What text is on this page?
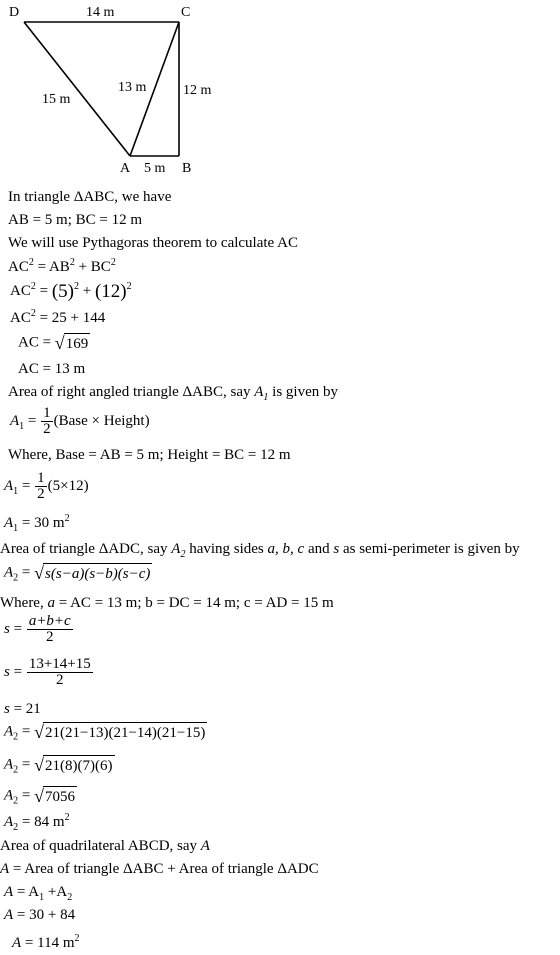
D	C
A	B
14 m
15 m
13 m	12 m
5 m
In triangle ΔABC, we have
AB = 5 m; BC = 12 m
We will use Pythagoras theorem to calculate AC
$AC^2 = AB^2 + BC^2$
$AC^2 = (5)^2 + (12)^2$
$AC^2 = 25 + 144$
AC = √ 169
AC = 13 m
Area of right angled triangle ΔABC, say $A_1$ is given by
$A_1 = \frac{1}{2}$ (Base × Height)
Where, Base = AB = 5 m; Height = BC = 12 m
$A_1 = \frac{1}{2} (5\times 12)$
$A_1 = 30$ $m^2$
Area of triangle ΔADC, say $A_2$ having sides a, b, c and s as semi-perimeter is given by
$A_2$ = √ s(s−a)(s−b)(s−c)
Where, a = AC = 13 m; b = DC = 14 m; c = AD = 15 m
$s = \frac{a+b+c}{2}$
$s = \frac{13+14+15}{2}$
s = 21
$A_2$ = √ 21(21−13)(21−14)(21−15)
$A_2$ = √ 21(8)(7)(6)
$A_2$ = √ 7056
$A_2 = 84$ $m^2$
Area of quadrilateral ABCD, say A
A = Area of triangle ΔABC + Area of triangle ΔADC
$A = A_1 +A_2$
A = 30 + 84
A = 114 $m^2$
